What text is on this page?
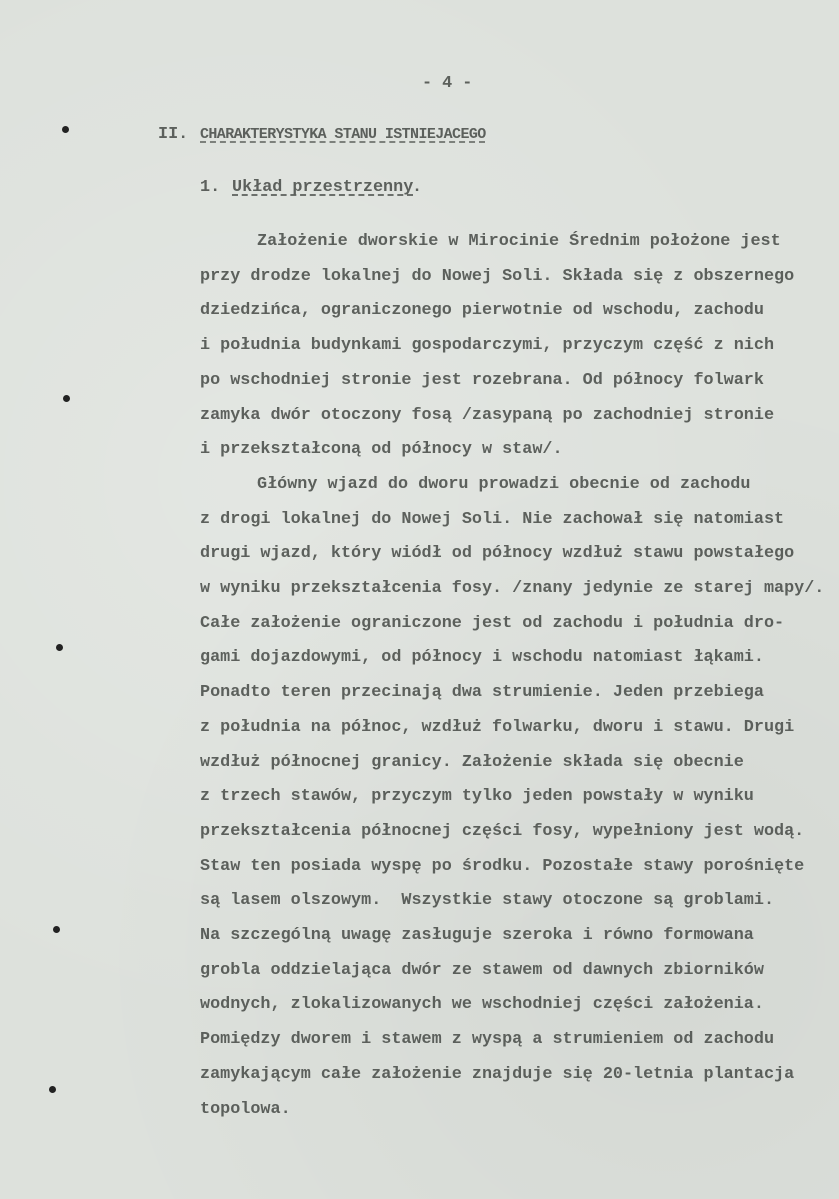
- 4 -
II. CHARAKTERYSTYKA STANU ISTNIEJACEGO
1. Układ przestrzenny
.
Założenie dworskie w Mirocinie Średnim położone jest
przy drodze lokalnej do Nowej Soli. Składa się z obszernego
dziedzińca, ograniczonego pierwotnie od wschodu, zachodu
i południa budynkami gospodarczymi, przyczym część z nich
po wschodniej stronie jest rozebrana. Od północy folwark
zamyka dwór otoczony fosą /zasypaną po zachodniej stronie
i przekształconą od północy w staw/.
Główny wjazd do dworu prowadzi obecnie od zachodu
z drogi lokalnej do Nowej Soli. Nie zachował się natomiast
drugi wjazd, który wiódł od północy wzdłuż stawu powstałego
w wyniku przekształcenia fosy. /znany jedynie ze starej mapy/.
Całe założenie ograniczone jest od zachodu i południa dro-
gami dojazdowymi, od północy i wschodu natomiast łąkami.
Ponadto teren przecinają dwa strumienie. Jeden przebiega
z południa na północ, wzdłuż folwarku, dworu i stawu. Drugi
wzdłuż północnej granicy. Założenie składa się obecnie
z trzech stawów, przyczym tylko jeden powstały w wyniku
przekształcenia północnej części fosy, wypełniony jest wodą.
Staw ten posiada wyspę po środku. Pozostałe stawy porośnięte
są lasem olszowym.  Wszystkie stawy otoczone są groblami.
Na szczególną uwagę zasługuje szeroka i równo formowana
grobla oddzielająca dwór ze stawem od dawnych zbiorników
wodnych, zlokalizowanych we wschodniej części założenia.
Pomiędzy dworem i stawem z wyspą a strumieniem od zachodu
zamykającym całe założenie znajduje się 20-letnia plantacja
topolowa.
